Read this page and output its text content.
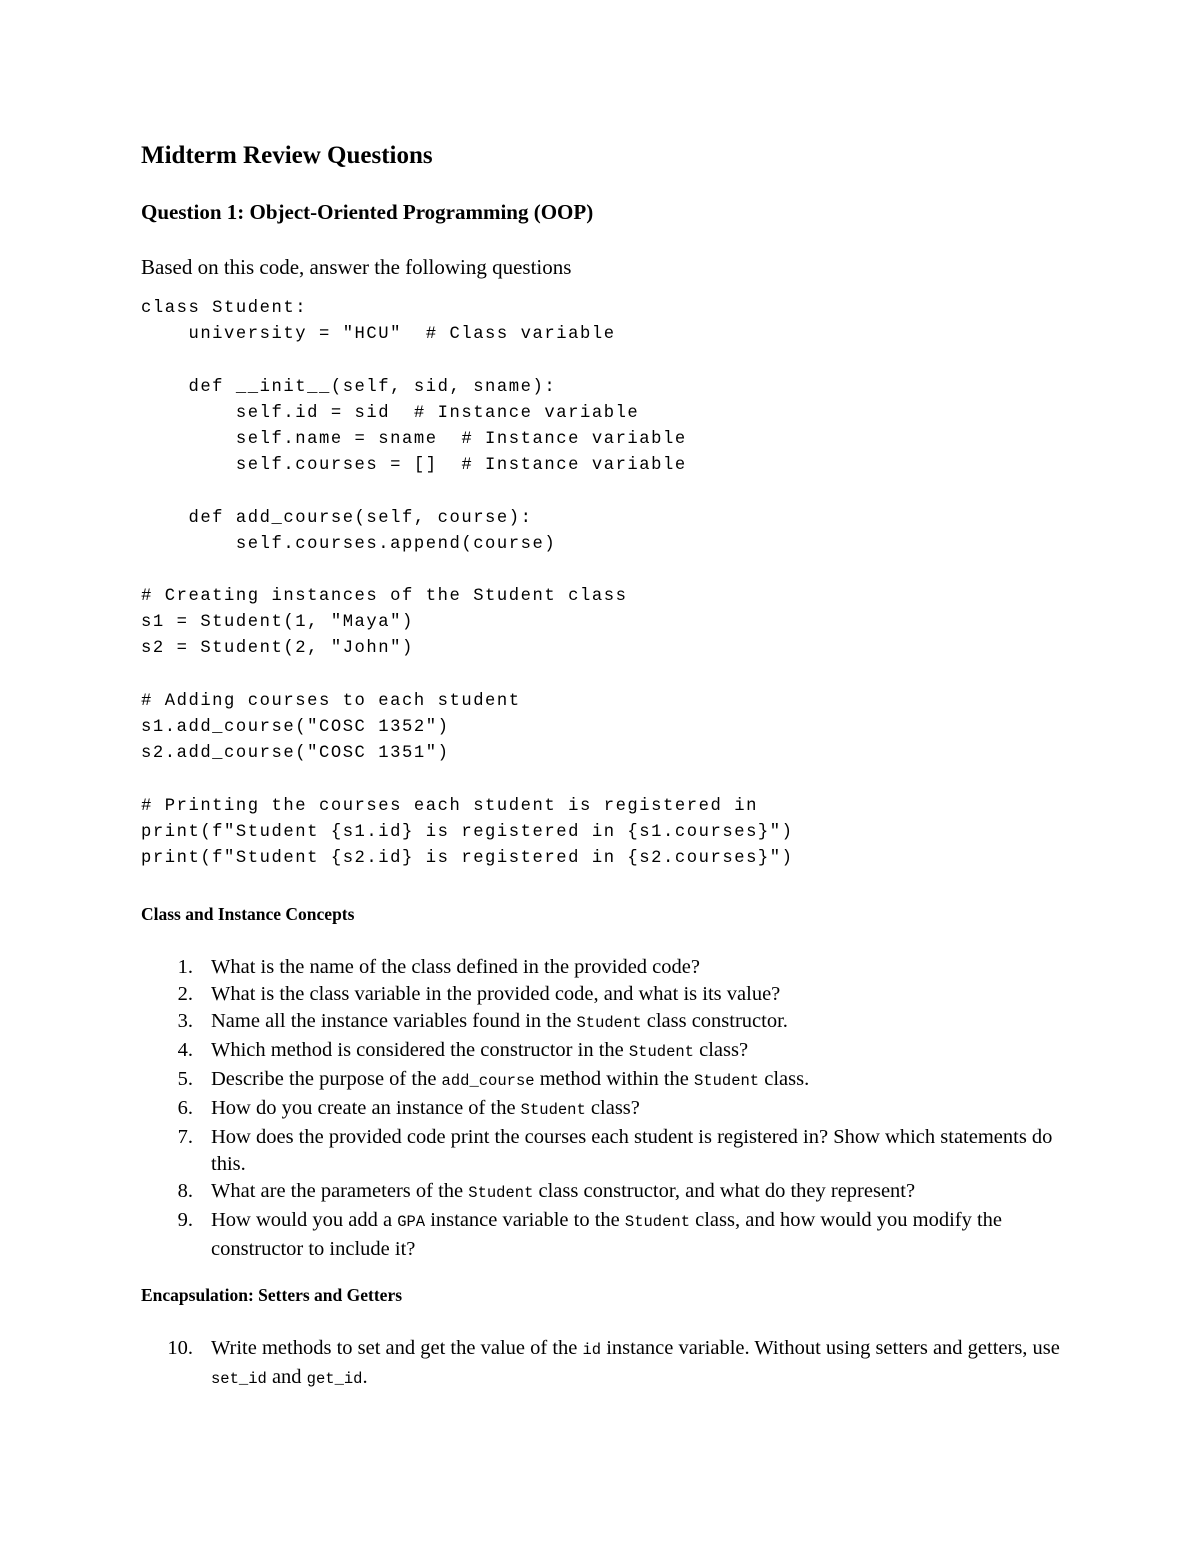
Midterm Review Questions
Question 1: Object-Oriented Programming (OOP)

Based on this code, answer the following questions

class Student:
university = "HCU"  # Class variable

def __init__(self, sid, sname):
self.id = sid  # Instance variable
self.name = sname  # Instance variable
self.courses = []  # Instance variable

def add_course(self, course):
self.courses.append(course)

# Creating instances of the Student class
s1 = Student(1, "Maya")
s2 = Student(2, "John")

# Adding courses to each student
s1.add_course("COSC 1352")
s2.add_course("COSC 1351")

# Printing the courses each student is registered in
print(f"Student {s1.id} is registered in {s1.courses}")
print(f"Student {s2.id} is registered in {s2.courses}")
Class and Instance Concepts
1. What is the name of the class defined in the provided code?
2. What is the class variable in the provided code, and what is its value?
3. Name all the instance variables found in the Student class constructor.
4. Which method is considered the constructor in the Student class?
5. Describe the purpose of the add_course method within the Student class.
6. How do you create an instance of the Student class?
7. How does the provided code print the courses each student is registered in? Show which statements do this.
8. What are the parameters of the Student class constructor, and what do they represent?
9. How would you add a GPA instance variable to the Student class, and how would you modify the constructor to include it?
Encapsulation: Setters and Getters
10. Write methods to set and get the value of the id instance variable. Without using setters and getters, use set_id and get_id.
